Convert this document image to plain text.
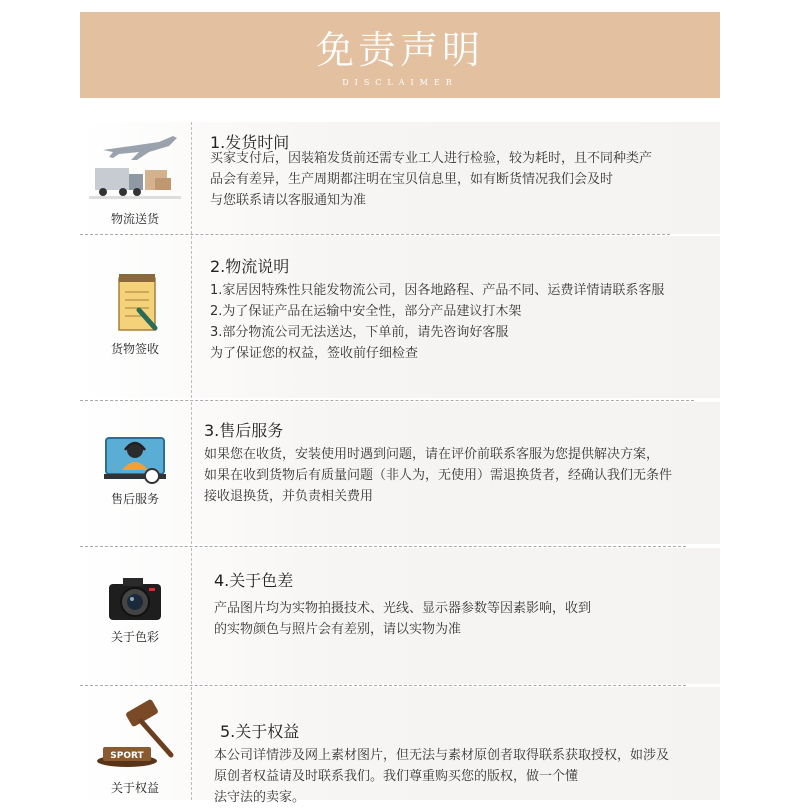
免责声明
DISCLAIMER
物流送货
1.发货时间
买家支付后，因装箱发货前还需专业工人进行检验，较为耗时，且不同种类产
品会有差异，生产周期都注明在宝贝信息里，如有断货情况我们会及时
与您联系请以客服通知为准
货物签收
2.物流说明
1.家居因特殊性只能发物流公司，因各地路程、产品不同、运费详情请联系客服
2.为了保证产品在运输中安全性，部分产品建议打木架
3.部分物流公司无法送达，下单前，请先咨询好客服
为了保证您的权益，签收前仔细检查
售后服务
3.售后服务
如果您在收货，安装使用时遇到问题，请在评价前联系客服为您提供解决方案，
如果在收到货物后有质量问题（非人为，无使用）需退换货者，经确认我们无条件
接收退换货，并负责相关费用
关于色彩
4.关于色差
产品图片均为实物拍摄技术、光线、显示器参数等因素影响，收到
的实物颜色与照片会有差别，请以实物为准
SPORT
关于权益
5.关于权益
本公司详情涉及网上素材图片，但无法与素材原创者取得联系获取授权，如涉及
原创者权益请及时联系我们。我们尊重购买您的版权，做一个懂
法守法的卖家。
